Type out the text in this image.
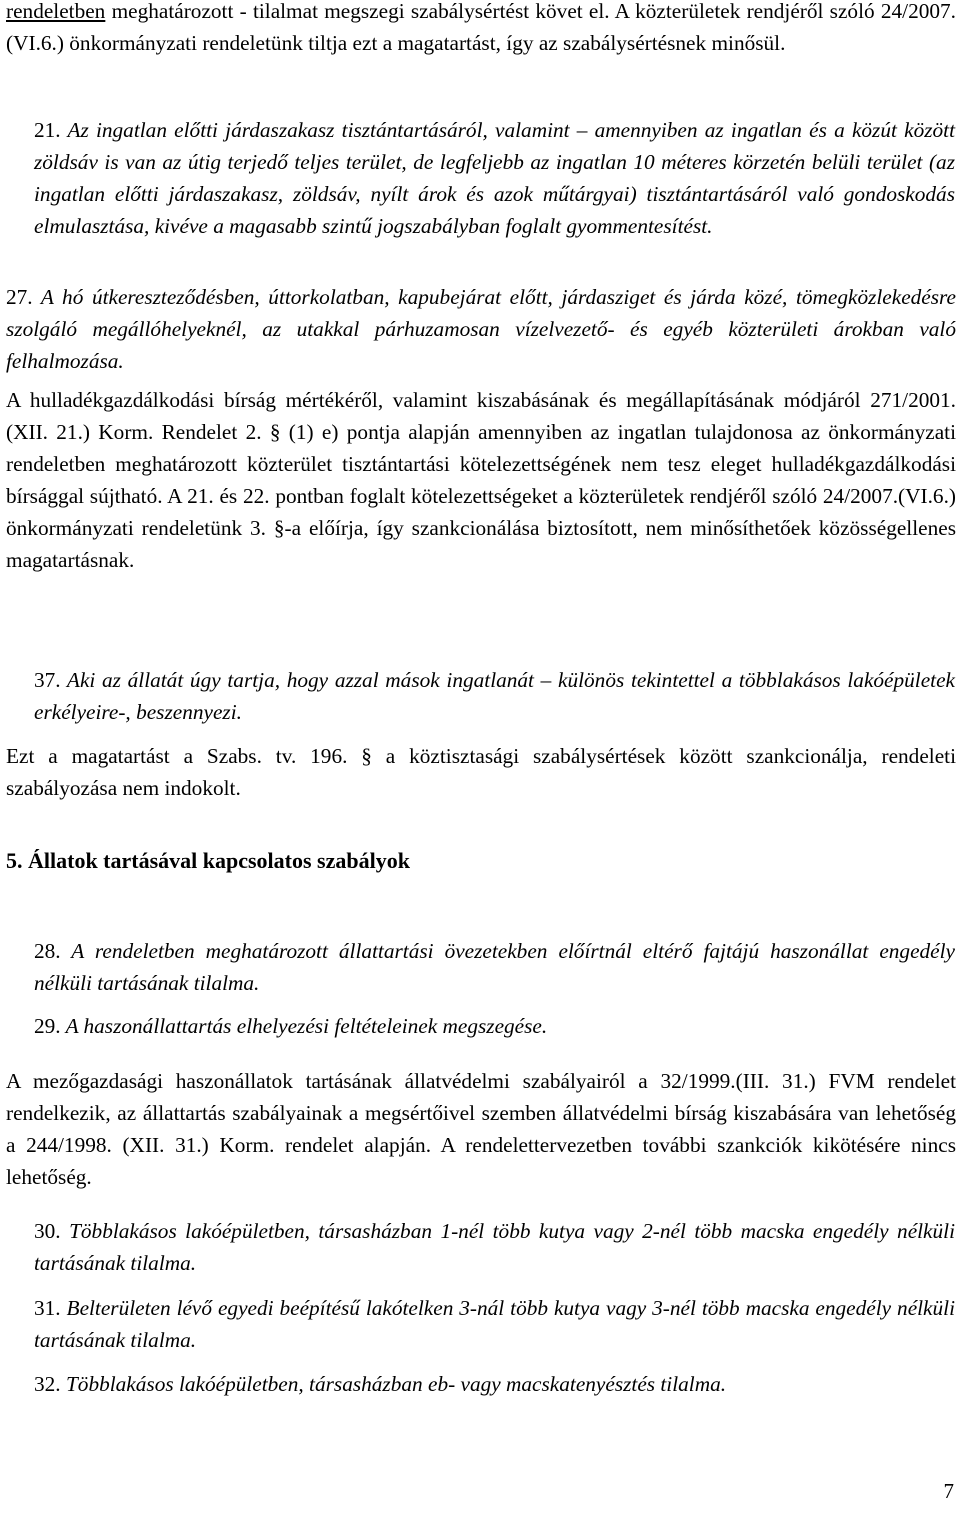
rendeletben meghatározott - tilalmat megszegi szabálysértést követ el. A közterületek rendjéről szóló 24/2007.(VI.6.) önkormányzati rendeletünk tiltja ezt a magatartást, így az szabálysértésnek minősül.

21. Az ingatlan előtti járdaszakasz tisztántartásáról, valamint – amennyiben az ingatlan és a közút között zöldsáv is van az útig terjedő teljes terület, de legfeljebb az ingatlan 10 méteres körzetén belüli terület (az ingatlan előtti járdaszakasz, zöldsáv, nyílt árok és azok műtárgyai) tisztántartásáról való gondoskodás elmulasztása, kivéve a magasabb szintű jogszabályban foglalt gyommentesítést.

27. A hó útkereszteződésben, úttorkolatban, kapubejárat előtt, járdasziget és járda közé, tömegközlekedésre szolgáló megállóhelyeknél, az utakkal párhuzamosan vízelvezető- és egyéb közterületi árokban való felhalmozása.

A hulladékgazdálkodási bírság mértékéről, valamint kiszabásának és megállapításának módjáról 271/2001. (XII. 21.) Korm. Rendelet 2. § (1) e) pontja alapján amennyiben az ingatlan tulajdonosa az önkormányzati rendeletben meghatározott közterület tisztántartási kötelezettségének nem tesz eleget hulladékgazdálkodási bírsággal sújtható. A 21. és 22. pontban foglalt kötelezettségeket a közterületek rendjéről szóló 24/2007.(VI.6.) önkormányzati rendeletünk 3. §-a előírja, így szankcionálása biztosított, nem minősíthetőek közösségellenes magatartásnak.

37. Aki az állatát úgy tartja, hogy azzal mások ingatlanát – különös tekintettel a többlakásos lakóépületek erkélyeire-, beszennyezi.

Ezt a magatartást a Szabs. tv. 196. § a köztisztasági szabálysértések között szankcionálja, rendeleti szabályozása nem indokolt.

5. Állatok tartásával kapcsolatos szabályok

28. A rendeletben meghatározott állattartási övezetekben előírtnál eltérő fajtájú haszonállat engedély nélküli tartásának tilalma.

29. A haszonállattartás elhelyezési feltételeinek megszegése.

A mezőgazdasági haszonállatok tartásának állatvédelmi szabályairól a 32/1999.(III. 31.) FVM rendelet rendelkezik, az állattartás szabályainak a megsértőivel szemben állatvédelmi bírság kiszabására van lehetőség a 244/1998. (XII. 31.) Korm. rendelet alapján. A rendelettervezetben további szankciók kikötésére nincs lehetőség.

30. Többlakásos lakóépületben, társasházban 1-nél több kutya vagy 2-nél több macska engedély nélküli tartásának tilalma.

31. Belterületen lévő egyedi beépítésű lakótelken 3-nál több kutya vagy 3-nél több macska engedély nélküli tartásának tilalma.

32. Többlakásos lakóépületben, társasházban eb- vagy macskatenyésztés tilalma.

7
